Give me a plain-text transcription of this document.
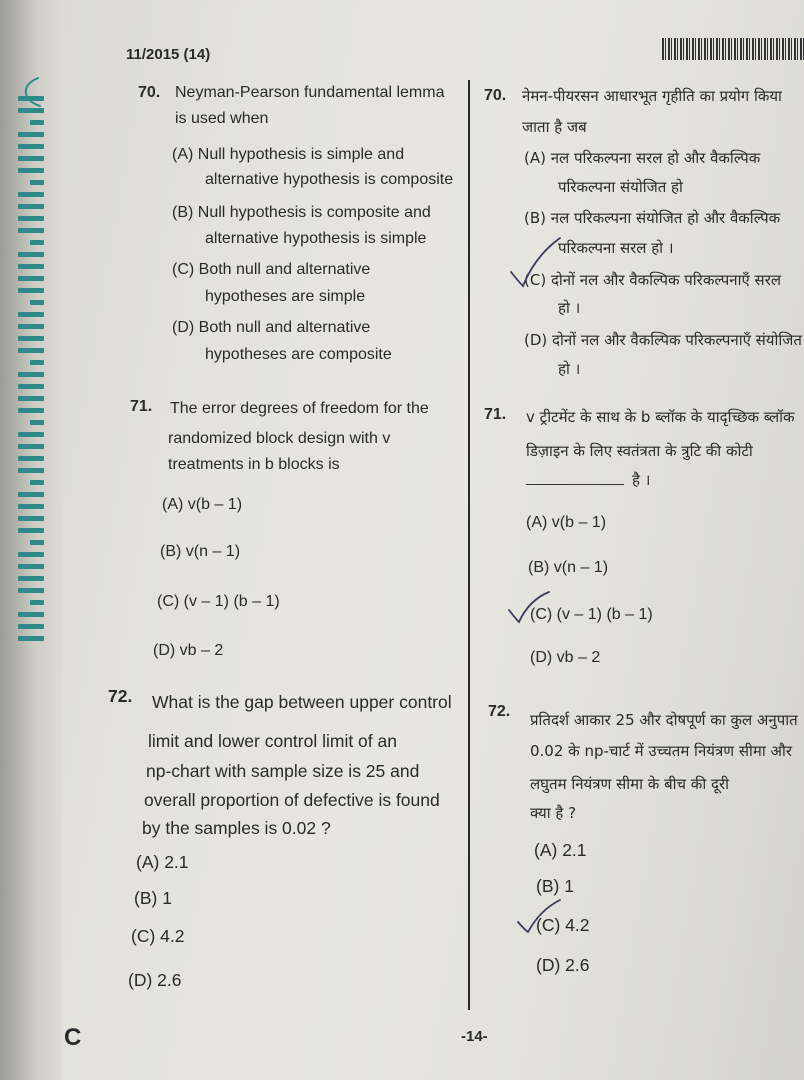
11/2015 (14)
70. Neyman-Pearson fundamental lemma
is used when
(A) Null hypothesis is simple and
alternative hypothesis is composite
(B) Null hypothesis is composite and
alternative hypothesis is simple
(C) Both null and alternative
hypotheses are simple
(D) Both null and alternative
hypotheses are composite
71. The error degrees of freedom for the
randomized block design with v
treatments in b blocks is
(A) v(b – 1)
(B) v(n – 1)
(C) (v – 1) (b – 1)
(D) vb – 2
72. What is the gap between upper control
limit and lower control limit of an
np-chart with sample size is 25 and
overall proportion of defective is found
by the samples is 0.02 ?
(A) 2.1
(B) 1
(C) 4.2
(D) 2.6
70. नेमन-पीयरसन आधारभूत गृहीति का प्रयोग किया
जाता है जब
(A) नल परिकल्पना सरल हो और वैकल्पिक
परिकल्पना संयोजित हो
(B) नल परिकल्पना संयोजित हो और वैकल्पिक
परिकल्पना सरल हो ।
(C) दोनों नल और वैकल्पिक परिकल्पनाएँ सरल
हो ।
(D) दोनों नल और वैकल्पिक परिकल्पनाएँ संयोजित
हो ।
71. v ट्रीटमेंट के साथ के b ब्लॉक के यादृच्छिक ब्लॉक
डिज़ाइन के लिए स्वतंत्रता के त्रुटि की कोटी
है ।
(A) v(b – 1)
(B) v(n – 1)
(C) (v – 1) (b – 1)
(D) vb – 2
72. प्रतिदर्श आकार 25 और दोषपूर्ण का कुल अनुपात
0.02 के np-चार्ट में उच्चतम नियंत्रण सीमा और
लघुतम नियंत्रण सीमा के बीच की दूरी
क्या है ?
(A) 2.1
(B) 1
(C) 4.2
(D) 2.6
C	-14-
